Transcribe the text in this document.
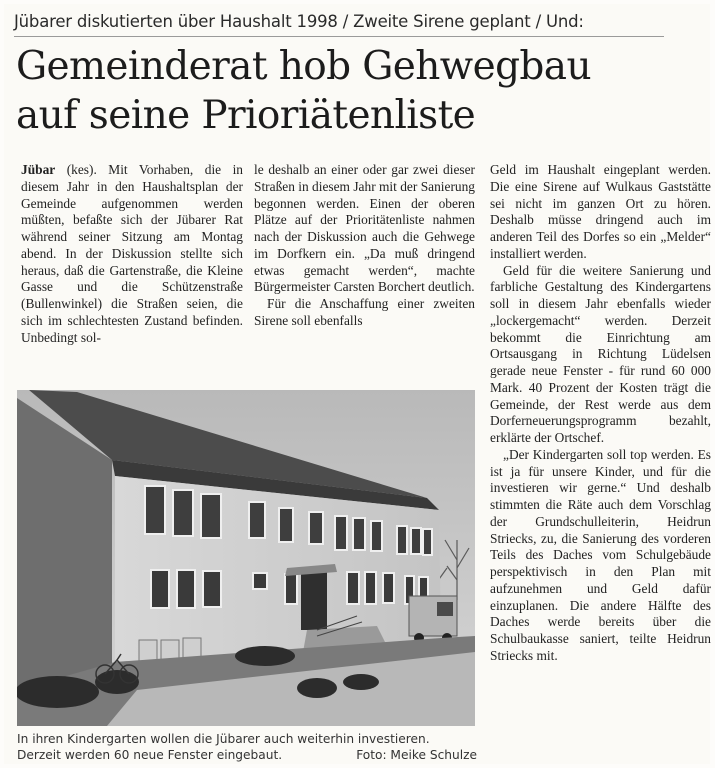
Jübarer diskutierten über Haushalt 1998 / Zweite Sirene geplant / Und:
Gemeinderat hob Gehwegbau
auf seine Prioriätenliste

Jübar (kes). Mit Vorhaben, die in diesem Jahr in den Haushaltsplan der Gemeinde aufgenommen werden müßten, befaßte sich der Jübarer Rat während seiner Sitzung am Montag abend. In der Diskussion stellte sich heraus, daß die Gartenstraße, die Kleine Gasse und die Schützenstraße (Bullenwinkel) die Straßen seien, die sich im schlechtesten Zustand befinden. Unbedingt sol-

le deshalb an einer oder gar zwei dieser Straßen in diesem Jahr mit der Sanierung begonnen werden. Einen der oberen Plätze auf der Prioritätenliste nahmen nach der Diskussion auch die Gehwege im Dorfkern ein. „Da muß dringend etwas gemacht werden“, machte Bürgermeister Carsten Borchert deutlich.

Für die Anschaffung einer zweiten Sirene soll ebenfalls

Geld im Haushalt eingeplant werden. Die eine Sirene auf Wulkaus Gaststätte sei nicht im ganzen Ort zu hören. Deshalb müsse dringend auch im anderen Teil des Dorfes so ein „Melder“ installiert werden.

Geld für die weitere Sanierung und farbliche Gestaltung des Kindergartens soll in diesem Jahr ebenfalls wieder „lockergemacht“ werden. Derzeit bekommt die Einrichtung am Ortsausgang in Richtung Lüdelsen gerade neue Fenster - für rund 60 000 Mark. 40 Prozent der Kosten trägt die Gemeinde, der Rest werde aus dem Dorferneuerungsprogramm bezahlt, erklärte der Ortschef.

„Der Kindergarten soll top werden. Es ist ja für unsere Kinder, und für die investieren wir gerne.“ Und deshalb stimmten die Räte auch dem Vorschlag der Grundschulleiterin, Heidrun Striecks, zu, die Sanierung des vorderen Teils des Daches vom Schulgebäude perspektivisch in den Plan mit aufzunehmen und Geld dafür einzuplanen. Die andere Hälfte des Daches werde bereits über die Schulbaukasse saniert, teilte Heidrun Striecks mit.

In ihren Kindergarten wollen die Jübarer auch weiterhin investieren.
Derzeit werden 60 neue Fenster eingebaut.	Foto: Meike Schulze
